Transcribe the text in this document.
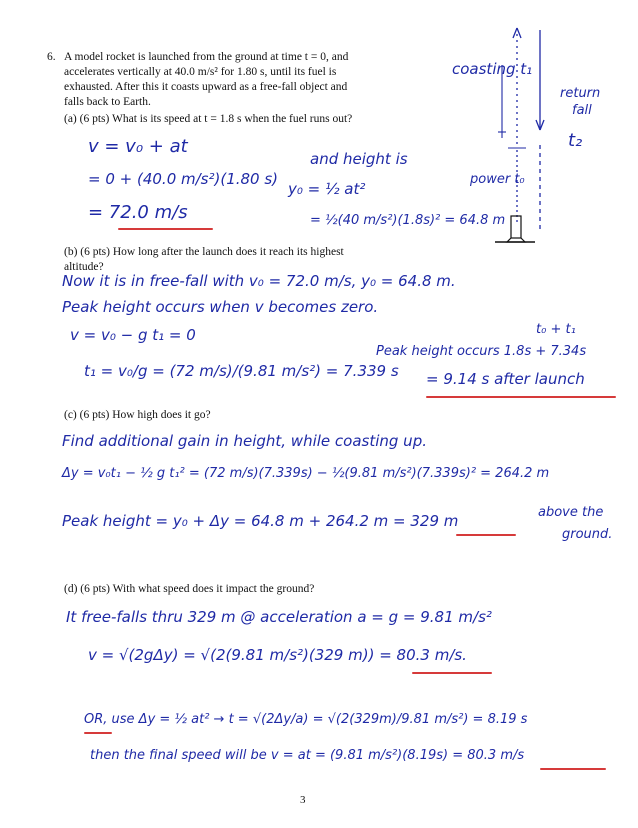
6. A model rocket is launched from the ground at time t = 0, and
accelerates vertically at 40.0 m/s² for 1.80 s, until its fuel is
exhausted. After this it coasts upward as a free-fall object and
falls back to Earth.
coasting t₁
return
fall
t₂
power t₀
(a) (6 pts) What is its speed at t = 1.8 s when the fuel runs out?
v = v₀ + at
= 0 + (40.0 m/s²)(1.80 s)
= 72.0 m/s
and height is
y₀ = ½ at²
= ½(40 m/s²)(1.8s)² = 64.8 m
(b) (6 pts) How long after the launch does it reach its highest
altitude?
Now it is in free-fall with v₀ = 72.0 m/s, y₀ = 64.8 m.
Peak height occurs when v becomes zero.
v = v₀ − g t₁ = 0
t₁ = v₀/g = (72 m/s)/(9.81 m/s²) = 7.339 s
t₀ + t₁
Peak height occurs 1.8s + 7.34s
= 9.14 s after launch
(c) (6 pts) How high does it go?
Find additional gain in height, while coasting up.
Δy = v₀t₁ − ½ g t₁² = (72 m/s)(7.339s) − ½(9.81 m/s²)(7.339s)² = 264.2 m
Peak height = y₀ + Δy = 64.8 m + 264.2 m = 329 m	above the
ground.
(d) (6 pts) With what speed does it impact the ground?
It free-falls thru 329 m @ acceleration a = g = 9.81 m/s²
v = √(2gΔy) = √(2(9.81 m/s²)(329 m)) = 80.3 m/s.
OR, use Δy = ½ at² → t = √(2Δy/a) = √(2(329m)/9.81 m/s²) = 8.19 s
then the final speed will be v = at = (9.81 m/s²)(8.19s) = 80.3 m/s
3
